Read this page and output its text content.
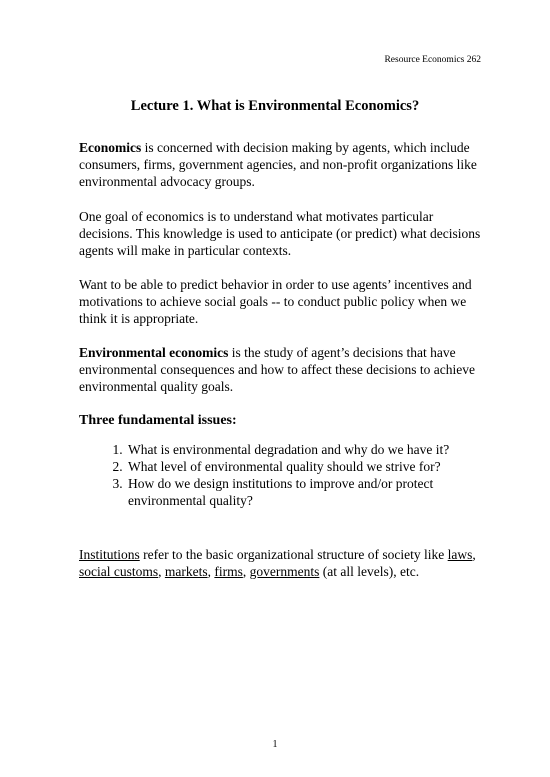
Resource Economics 262
Lecture 1. What is Environmental Economics?

Economics is concerned with decision making by agents, which include consumers, firms, government agencies, and non-profit organizations like environmental advocacy groups.

One goal of economics is to understand what motivates particular decisions. This knowledge is used to anticipate (or predict) what decisions agents will make in particular contexts.

Want to be able to predict behavior in order to use agents’ incentives and motivations to achieve social goals -- to conduct public policy when we think it is appropriate.

Environmental economics is the study of agent’s decisions that have environmental consequences and how to affect these decisions to achieve environmental quality goals.

Three fundamental issues:

1. What is environmental degradation and why do we have it?
2. What level of environmental quality should we strive for?
3. How do we design institutions to improve and/or protect environmental quality?

Institutions refer to the basic organizational structure of society like laws, social customs, markets, firms, governments (at all levels), etc.

1
